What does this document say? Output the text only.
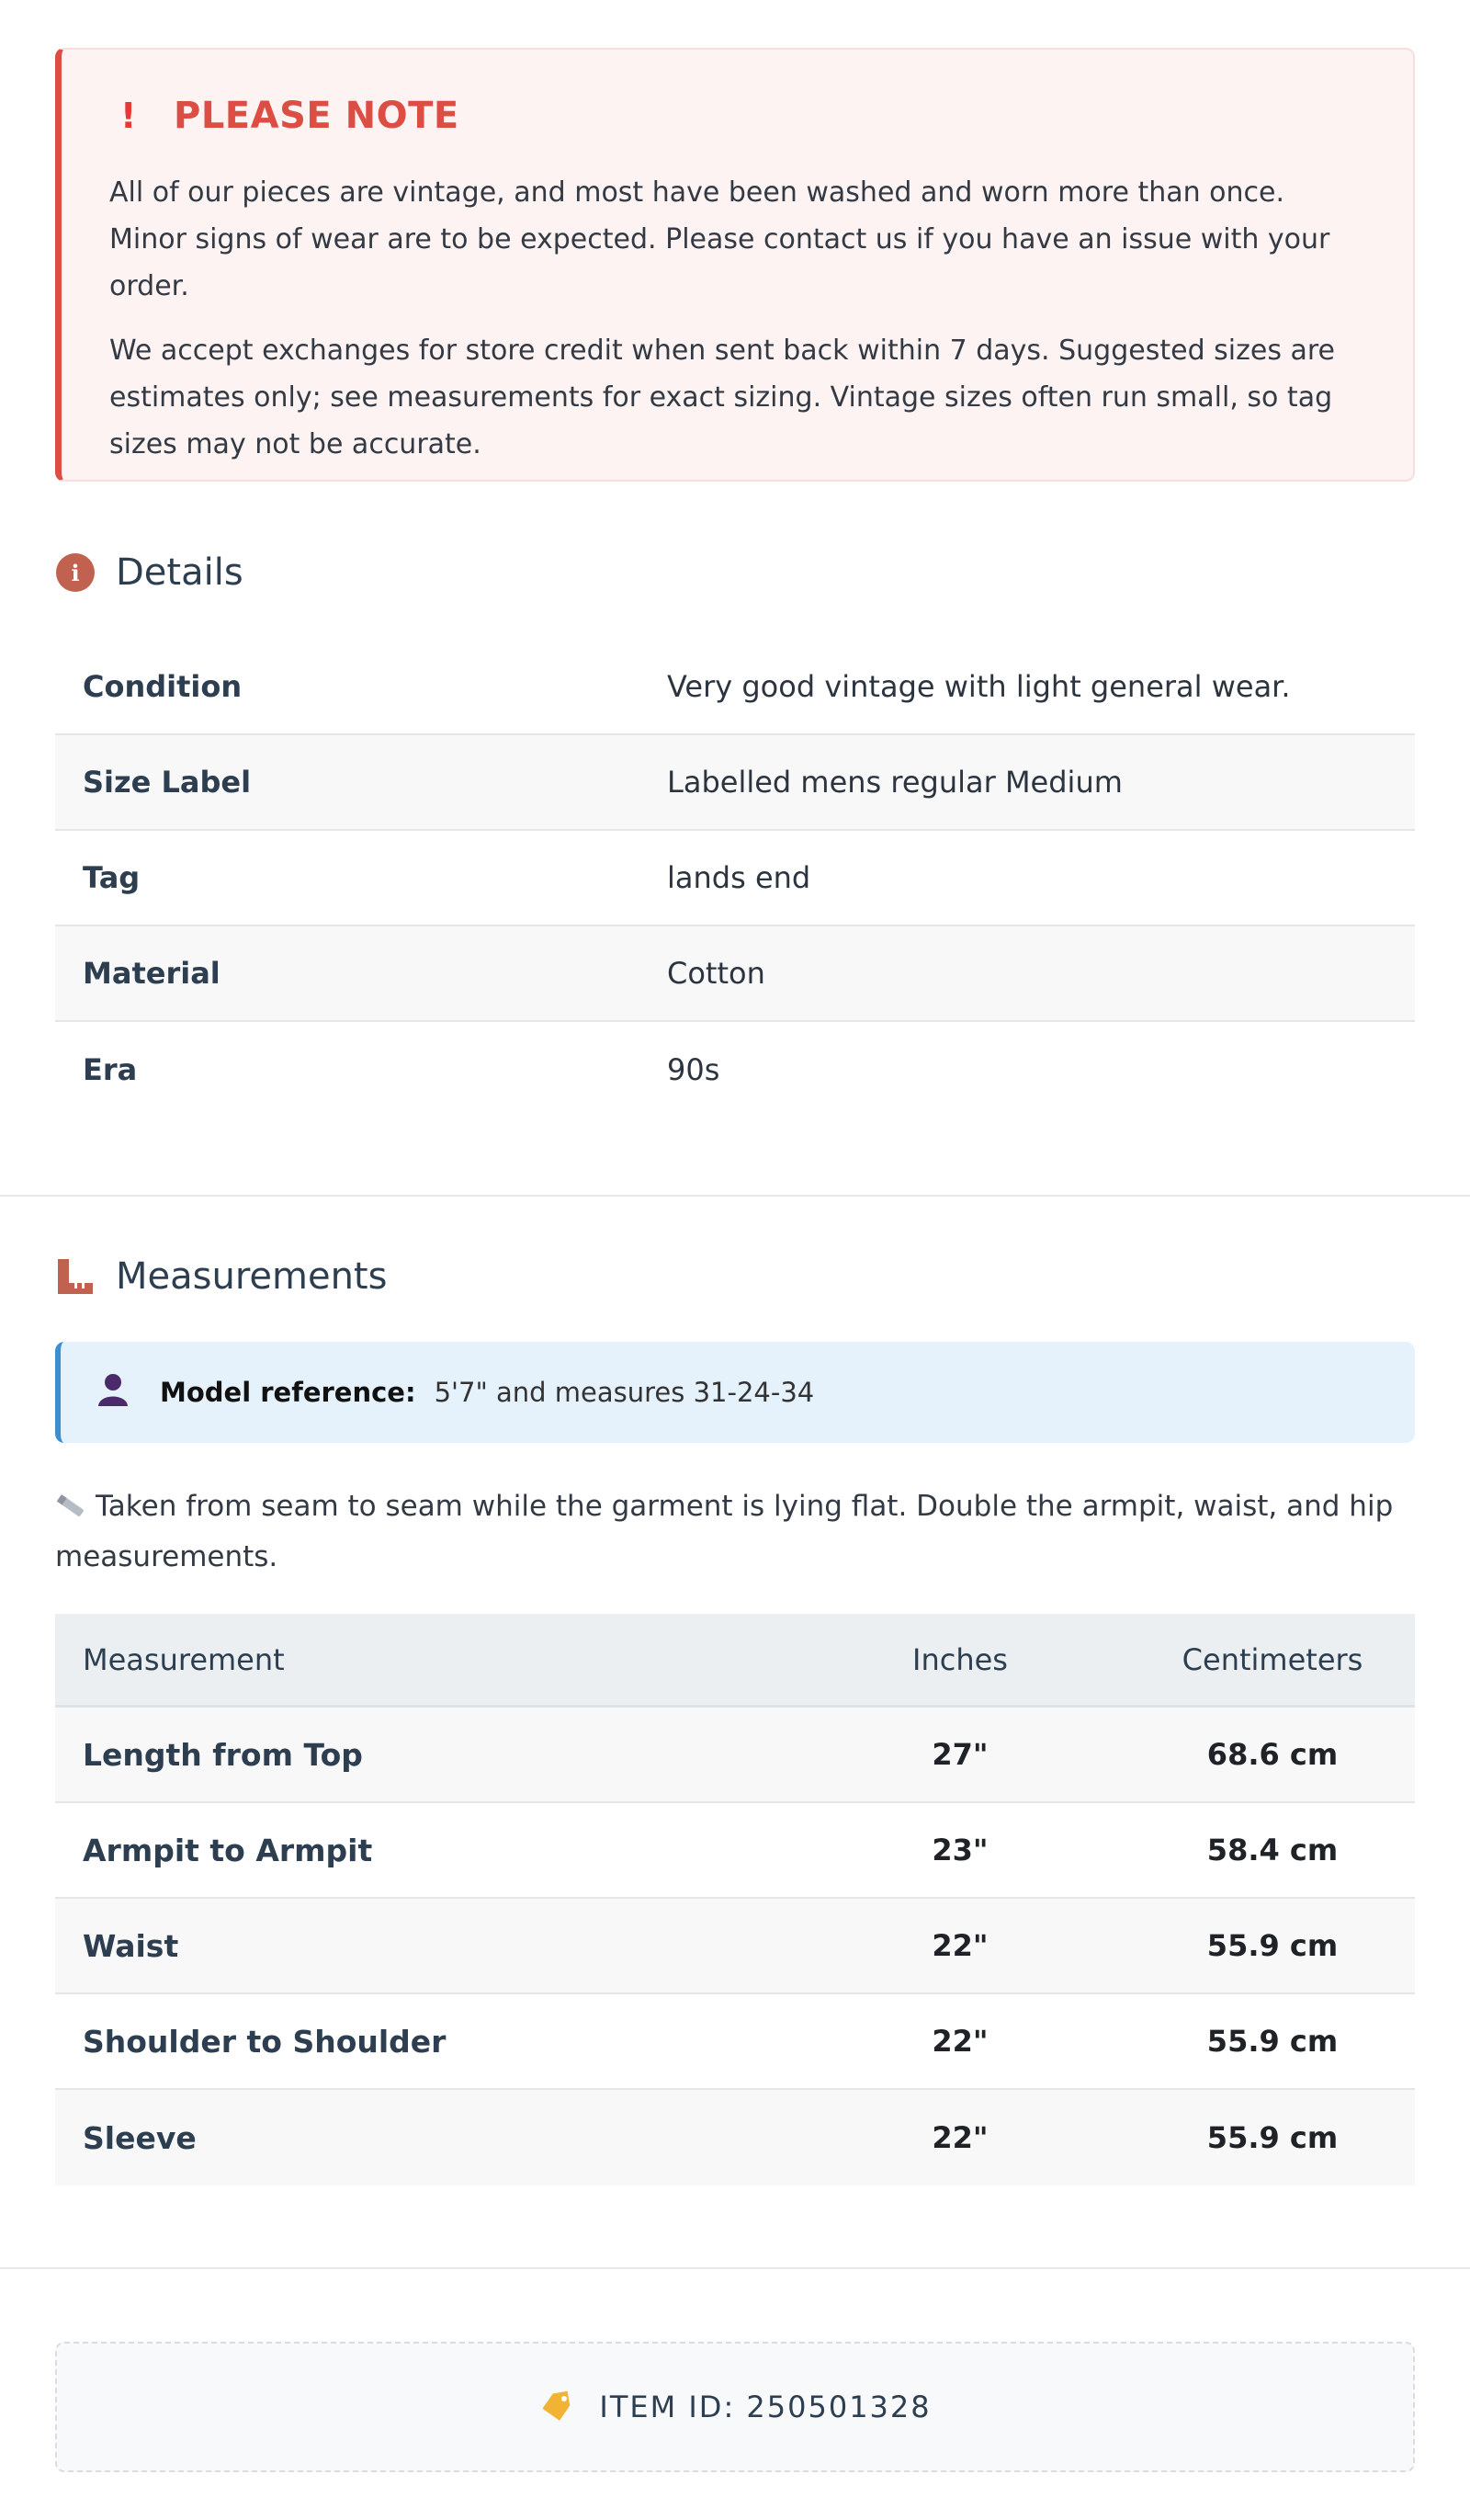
!	PLEASE NOTE

All of our pieces are vintage, and most have been washed and worn more than once. Minor signs of wear are to be expected. Please contact us if you have an issue with your order.

We accept exchanges for store credit when sent back within 7 days. Suggested sizes are estimates only; see measurements for exact sizing. Vintage sizes often run small, so tag sizes may not be accurate.

i Details
Condition	Very good vintage with light general wear.
Size Label	Labelled mens regular Medium
Tag	lands end
Material	Cotton
Era	90s
Measurements
Model reference: 5'7" and measures 31-24-34
Taken from seam to seam while the garment is lying flat. Double the armpit, waist, and hip measurements.
Measurement	Inches	Centimeters
Length from Top	27"	68.6 cm
Armpit to Armpit	23"	58.4 cm
Waist	22"	55.9 cm
Shoulder to Shoulder	22"	55.9 cm
Sleeve	22"	55.9 cm
ITEM ID: 250501328
